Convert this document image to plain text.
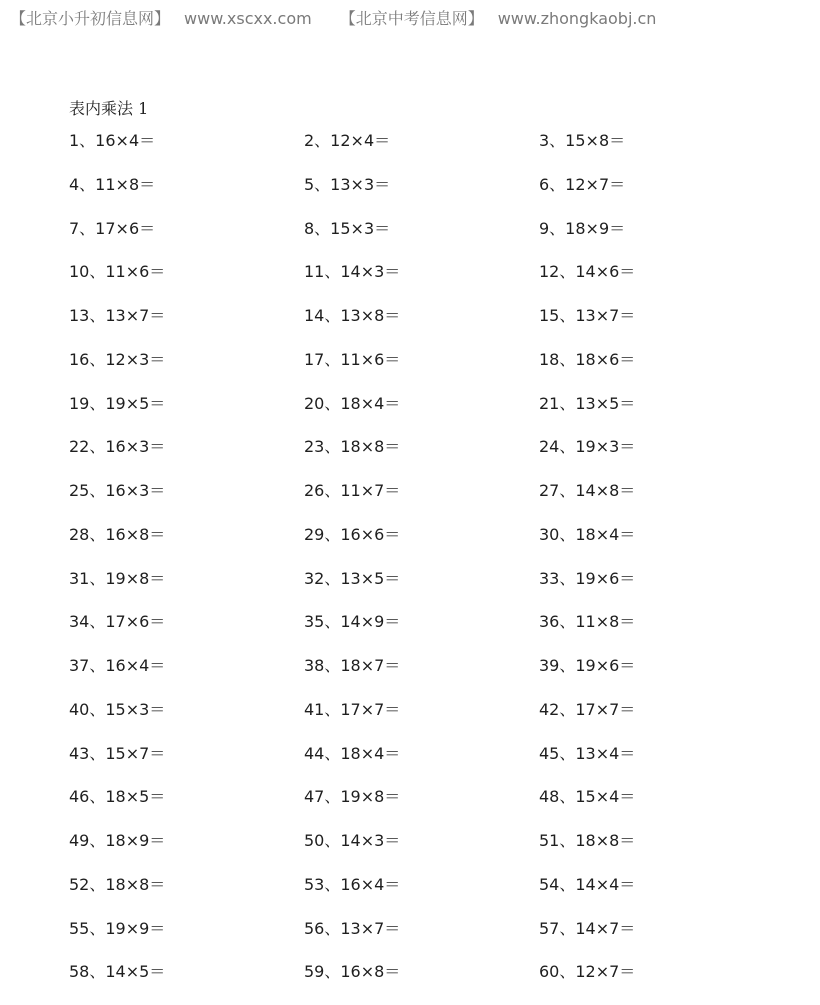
【北京小升初信息网】 www.xscxx.com 【北京中考信息网】 www.zhongkaobj.cn
表内乘法 1
1、16×4＝	2、12×4＝	3、15×8＝
4、11×8＝	5、13×3＝	6、12×7＝
7、17×6＝	8、15×3＝	9、18×9＝
10、11×6＝	11、14×3＝	12、14×6＝
13、13×7＝	14、13×8＝	15、13×7＝
16、12×3＝	17、11×6＝	18、18×6＝
19、19×5＝	20、18×4＝	21、13×5＝
22、16×3＝	23、18×8＝	24、19×3＝
25、16×3＝	26、11×7＝	27、14×8＝
28、16×8＝	29、16×6＝	30、18×4＝
31、19×8＝	32、13×5＝	33、19×6＝
34、17×6＝	35、14×9＝	36、11×8＝
37、16×4＝	38、18×7＝	39、19×6＝
40、15×3＝	41、17×7＝	42、17×7＝
43、15×7＝	44、18×4＝	45、13×4＝
46、18×5＝	47、19×8＝	48、15×4＝
49、18×9＝	50、14×3＝	51、18×8＝
52、18×8＝	53、16×4＝	54、14×4＝
55、19×9＝	56、13×7＝	57、14×7＝
58、14×5＝	59、16×8＝	60、12×7＝
